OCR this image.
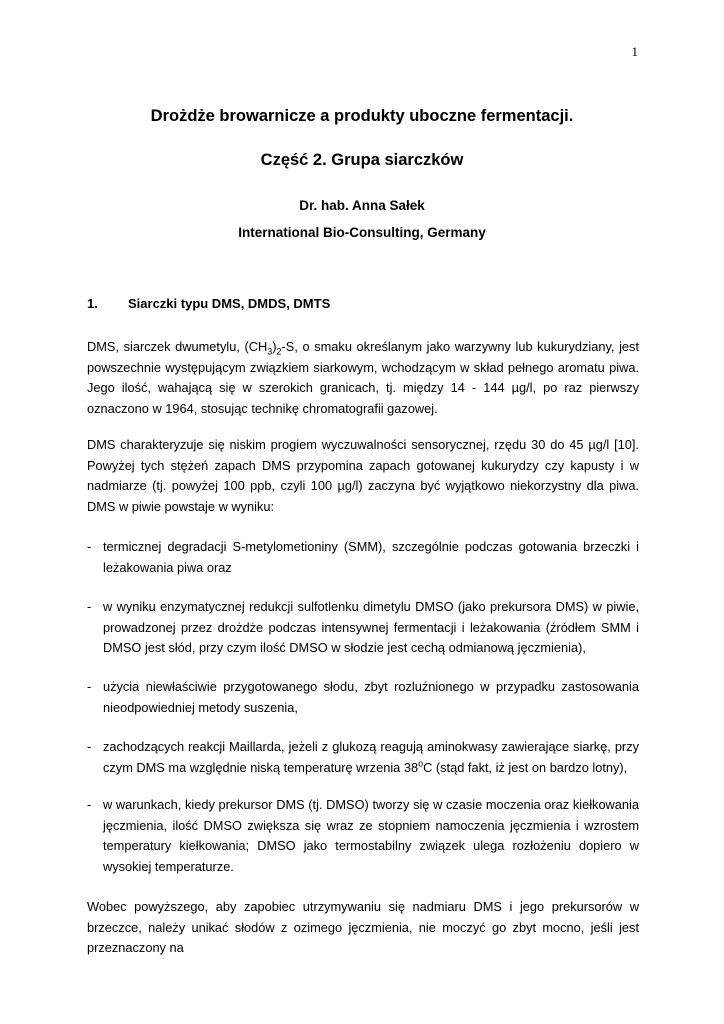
1
Drożdże browarnicze a produkty uboczne fermentacji.
Część 2. Grupa siarczków
Dr. hab. Anna Sałek
International Bio-Consulting, Germany
1. Siarczki typu DMS, DMDS, DMTS

DMS, siarczek dwumetylu, $(CH_3)_2-S$, o smaku określanym jako warzywny lub kukurydziany, jest powszechnie występującym związkiem siarkowym, wchodzącym w skład pełnego aromatu piwa. Jego ilość, wahającą się w szerokich granicach, tj. między 14 - 144 µg/l, po raz pierwszy oznaczono w 1964, stosując technikę chromatografii gazowej.

DMS charakteryzuje się niskim progiem wyczuwalności sensorycznej, rzędu 30 do 45 µg/l [10]. Powyżej tych stężeń zapach DMS przypomina zapach gotowanej kukurydzy czy kapusty i w nadmiarze (tj. powyżej 100 ppb, czyli 100 µg/l) zaczyna być wyjątkowo niekorzystny dla piwa. DMS w piwie powstaje w wyniku:

- termicznej degradacji S-metylometioniny (SMM), szczególnie podczas gotowania brzeczki i leżakowania piwa oraz
- w wyniku enzymatycznej redukcji sulfotlenku dimetylu DMSO (jako prekursora DMS) w piwie, prowadzonej przez drożdże podczas intensywnej fermentacji i leżakowania (źródłem SMM i DMSO jest słód, przy czym ilość DMSO w słodzie jest cechą odmianową jęczmienia),
- użycia niewłaściwie przygotowanego słodu, zbyt rozluźnionego w przypadku zastosowania nieodpowiedniej metody suszenia,
- zachodzących reakcji Maillarda, jeżeli z glukozą reagują aminokwasy zawierające siarkę, przy czym DMS ma względnie niską temperaturę wrzenia 38$^o$C (stąd fakt, iż jest on bardzo lotny),
- w warunkach, kiedy prekursor DMS (tj. DMSO) tworzy się w czasie moczenia oraz kiełkowania jęczmienia, ilość DMSO zwiększa się wraz ze stopniem namoczenia jęczmienia i wzrostem temperatury kiełkowania; DMSO jako termostabilny związek ulega rozłożeniu dopiero w wysokiej temperaturze.

Wobec powyższego, aby zapobiec utrzymywaniu się nadmiaru DMS i jego prekursorów w brzeczce, należy unikać słodów z ozimego jęczmienia, nie moczyć go zbyt mocno, jeśli jest przeznaczony na
